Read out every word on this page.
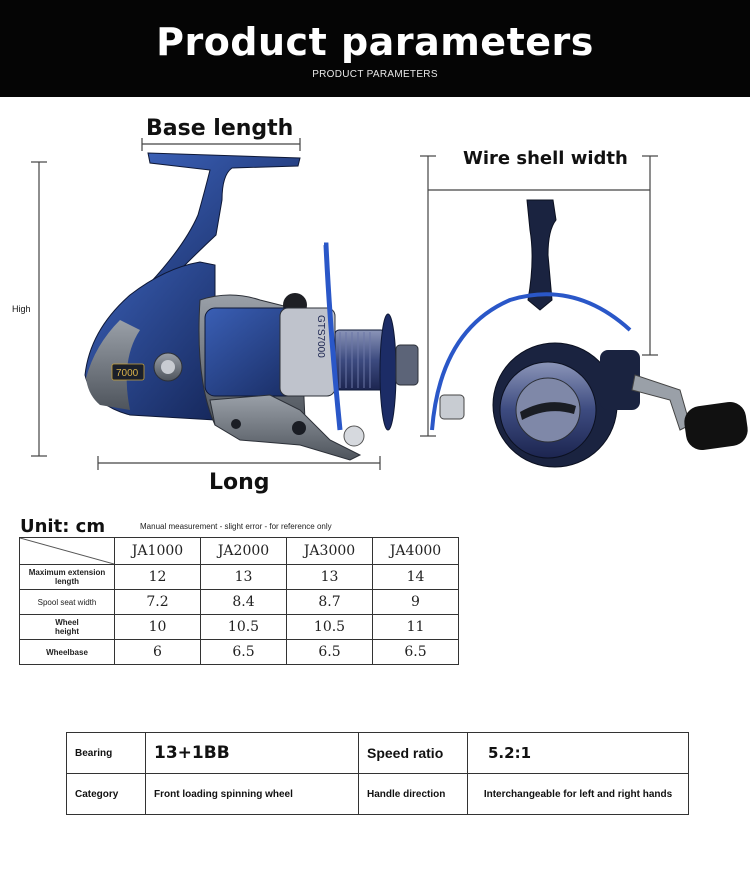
Product parameters
PRODUCT PARAMETERS
7000
GTS7000
Base length
Wire shell width
Long
High
Unit: cm	Manual measurement - slight error - for reference only
	JA1000	JA2000	JA3000	JA4000
Maximum extension length	12	13	13	14
Spool seat width	7.2	8.4	8.7	9
Wheel height	10	10.5	10.5	11
Wheelbase	6	6.5	6.5	6.5
Bearing	13+1BB	Speed ratio	5.2:1
Category	Front loading spinning wheel	Handle direction	Interchangeable for left and right hands
